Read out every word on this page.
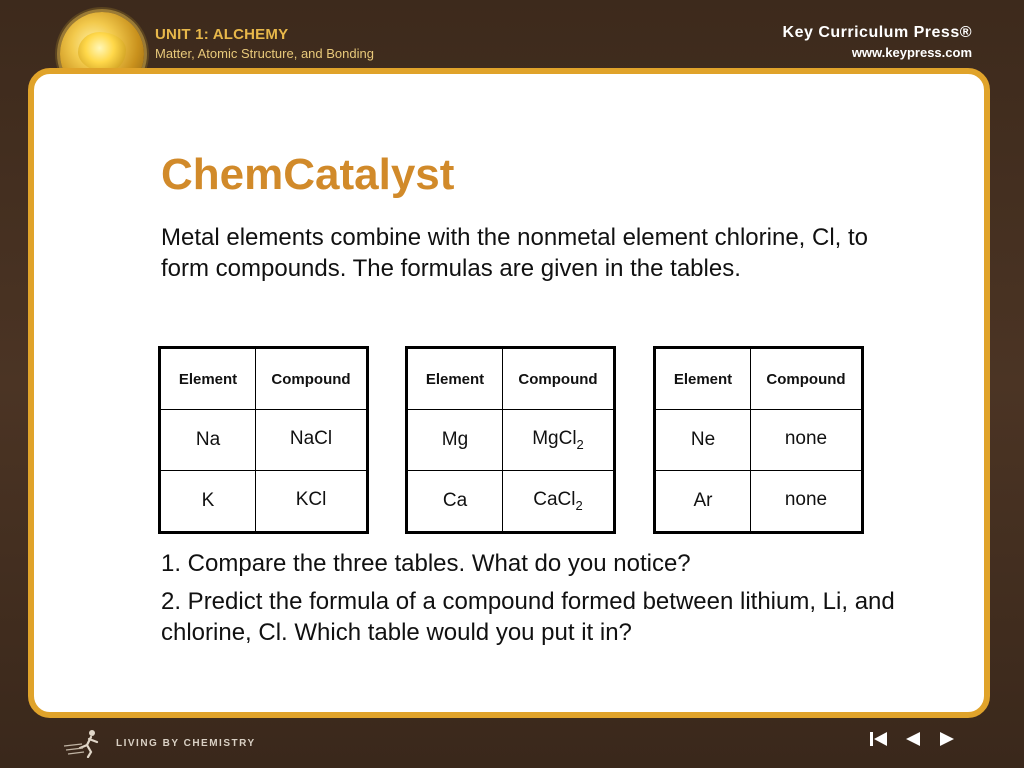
UNIT 1: ALCHEMY
Matter, Atomic Structure, and Bonding
Key Curriculum Press®
www.keypress.com
ChemCatalyst

Metal elements combine with the nonmetal element chlorine, Cl, to form compounds. The formulas are given in the tables.

Element	Compound
Na	NaCl
K	KCl
Element	Compound
Mg	MgCl$_2$
Ca	CaCl$_2$
Element	Compound
Ne	none
Ar	none

1. Compare the three tables. What do you notice?

2. Predict the formula of a compound formed between lithium, Li, and chlorine, Cl. Which table would you put it in?

LIVING BY CHEMISTRY
